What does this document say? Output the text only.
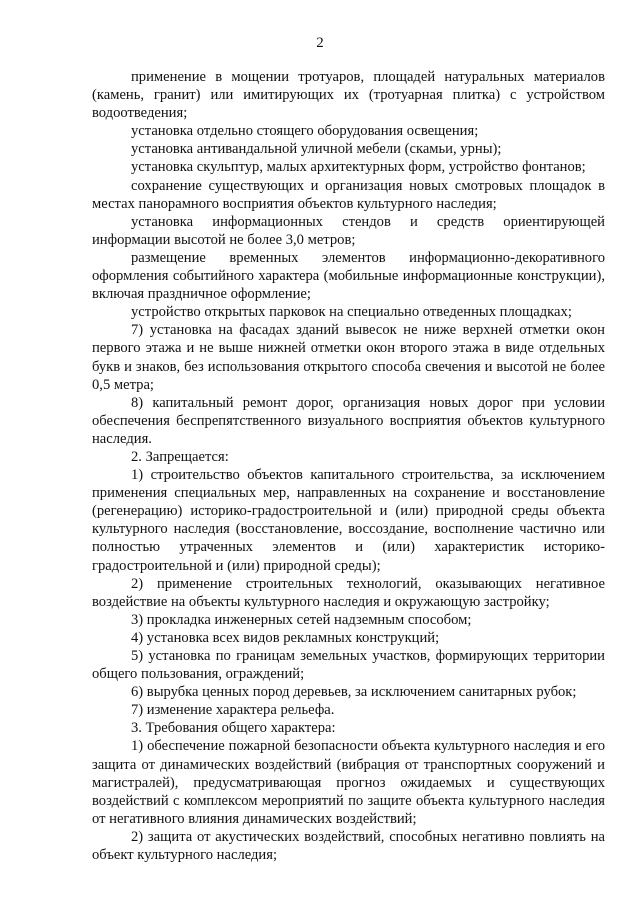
2

применение в мощении тротуаров, площадей натуральных материалов (камень, гранит) или имитирующих их (тротуарная плитка) с устройством водоотведения;

установка отдельно стоящего оборудования освещения;

установка антивандальной уличной мебели (скамьи, урны);

установка скульптур, малых архитектурных форм, устройство фонтанов;

сохранение существующих и организация новых смотровых площадок в местах панорамного восприятия объектов культурного наследия;

установка информационных стендов и средств ориентирующей информации высотой не более 3,0 метров;

размещение временных элементов информационно-декоративного оформления событийного характера (мобильные информационные конструкции), включая праздничное оформление;

устройство открытых парковок на специально отведенных площадках;

7) установка на фасадах зданий вывесок не ниже верхней отметки окон первого этажа и не выше нижней отметки окон второго этажа в виде отдельных букв и знаков, без использования открытого способа свечения и высотой не более 0,5 метра;

8) капитальный ремонт дорог, организация новых дорог при условии обеспечения беспрепятственного визуального восприятия объектов культурного наследия.

2. Запрещается:

1) строительство объектов капитального строительства, за исключением применения специальных мер, направленных на сохранение и восстановление (регенерацию) историко-градостроительной и (или) природной среды объекта культурного наследия (восстановление, воссоздание, восполнение частично или полностью утраченных элементов и (или) характеристик историко-градостроительной и (или) природной среды);

2) применение строительных технологий, оказывающих негативное воздействие на объекты культурного наследия и окружающую застройку;

3) прокладка инженерных сетей надземным способом;

4) установка всех видов рекламных конструкций;

5) установка по границам земельных участков, формирующих территории общего пользования, ограждений;

6) вырубка ценных пород деревьев, за исключением санитарных рубок;

7) изменение характера рельефа.

3. Требования общего характера:

1) обеспечение пожарной безопасности объекта культурного наследия и его защита от динамических воздействий (вибрация от транспортных сооружений и магистралей), предусматривающая прогноз ожидаемых и существующих воздействий с комплексом мероприятий по защите объекта культурного наследия от негативного влияния динамических воздействий;

2) защита от акустических воздействий, способных негативно повлиять на объект культурного наследия;
